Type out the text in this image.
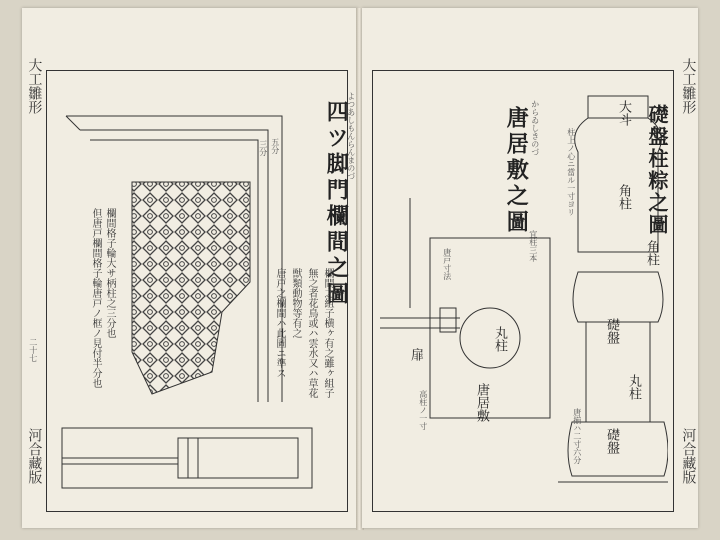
四ツ脚門欄間之圖
よつあしもんらんまのづ
五分
三分
欄間格子輪大サ柄柱之三分也
但唐戸欄間格子輪唐戸ノ框ノ見付半分也	欄間之組子横ヶ有之雖ヶ組子
無之者花鳥或ハ雲水又ハ草花
獣類動物等有之
唐戸之欄間ハ此圖ニ準ス
大工雛形
二十七
河合藏版
唐居敷之圖 からゐしきのづ
丸柱
唐居敷
扉
唐戸寸法
宜柱三本
高柱ノ一寸
大斗
角柱
角柱
礎盤
丸柱
礎盤
柱上ノ心ニ當ル一寸ヨリ
唐揃ハ二寸六分
礎盤柱粽之圖
大工雛形
河合藏版
